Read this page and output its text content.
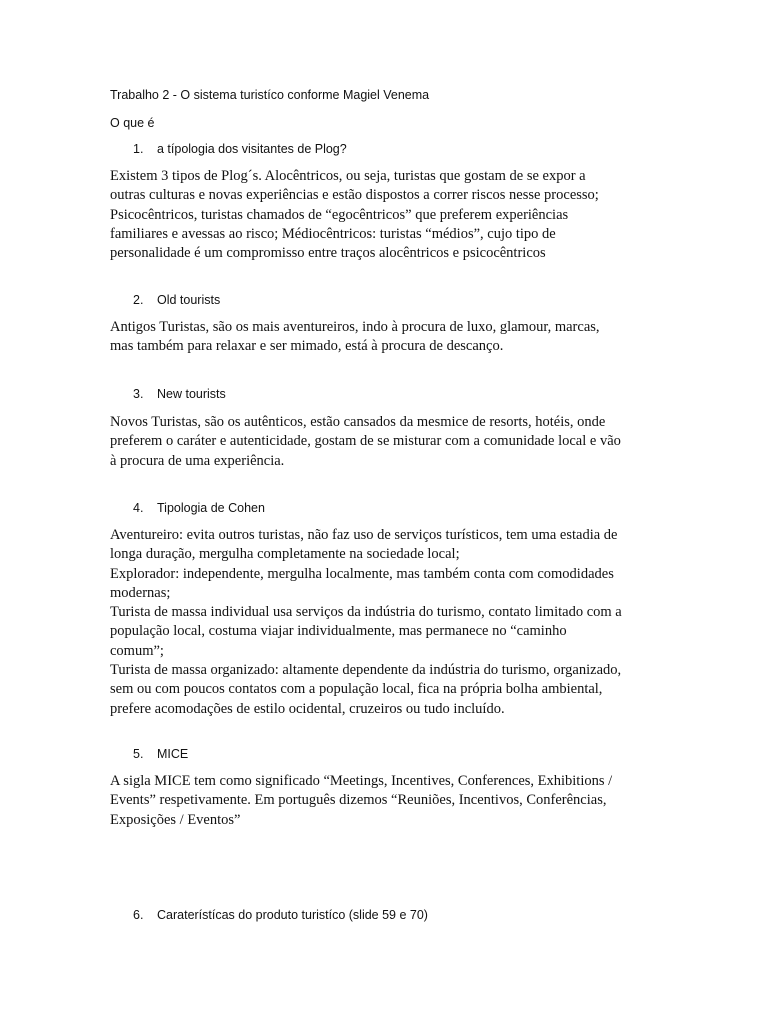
Trabalho 2 - O sistema turistíco conforme Magiel Venema
O que é
1. a típologia dos visitantes de Plog?
Existem 3 tipos de Plog´s. Alocêntricos, ou seja, turistas que gostam de se expor a
outras culturas e novas experiências e estão dispostos a correr riscos nesse processo;
Psicocêntricos, turistas chamados de “egocêntricos” que preferem experiências
familiares e avessas ao risco; Médiocêntricos: turistas “médios”, cujo tipo de
personalidade é um compromisso entre traços alocêntricos e psicocêntricos
2. Old tourists
Antigos Turistas, são os mais aventureiros, indo à procura de luxo, glamour, marcas,
mas também para relaxar e ser mimado, está à procura de descanço.
3. New tourists
Novos Turistas, são os autênticos, estão cansados da mesmice de resorts, hotéis, onde
preferem o caráter e autenticidade, gostam de se misturar com a comunidade local e vão
à procura de uma experiência.
4. Tipologia de Cohen
Aventureiro: evita outros turistas, não faz uso de serviços turísticos, tem uma estadia de
longa duração, mergulha completamente na sociedade local;
Explorador: independente, mergulha localmente, mas também conta com comodidades
modernas;
Turista de massa individual usa serviços da indústria do turismo, contato limitado com a
população local, costuma viajar individualmente, mas permanece no “caminho
comum”;
Turista de massa organizado: altamente dependente da indústria do turismo, organizado,
sem ou com poucos contatos com a população local, fica na própria bolha ambiental,
prefere acomodações de estilo ocidental, cruzeiros ou tudo incluído.
5. MICE
A sigla MICE tem como significado “Meetings, Incentives, Conferences, Exhibitions /
Events” respetivamente. Em português dizemos “Reuniões, Incentivos, Conferências,
Exposições / Eventos”
6. Caraterístícas do produto turistíco (slide 59 e 70)
